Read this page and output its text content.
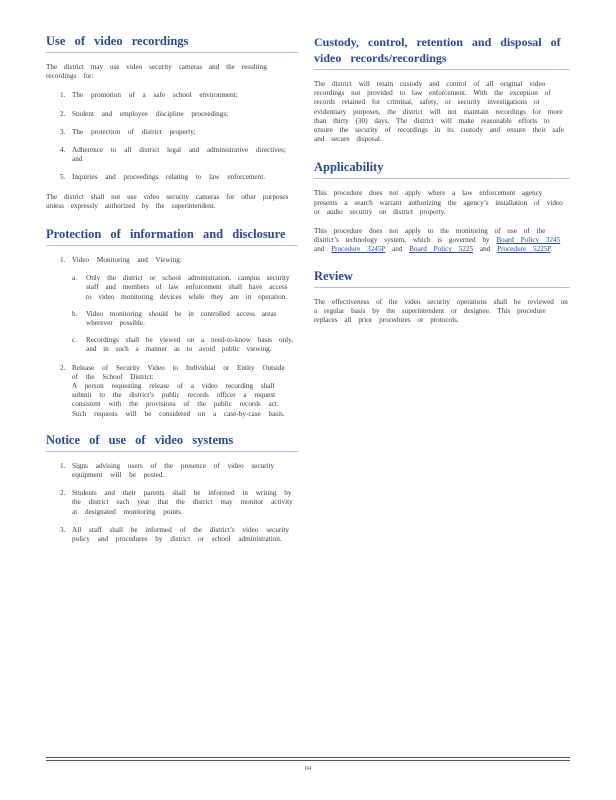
Use of video recordings

The district may use video security cameras and the resulting recordings for:

1. The promotion of a safe school environment;
2. Student and employee discipline proceedings;
3. The protection of district property;
4. Adherence to all district legal and administrative directives; and
5. Inquiries and proceedings relating to law enforcement.

The district shall not use video security cameras for other purposes unless expressly authorized by the superintendent.

Protection of information and disclosure
1. Video Monitoring and Viewing:
a. Only the district or school administration, campus security staff and members of law enforcement shall have access to video monitoring devices while they are in operation.
b. Video monitoring should be in controlled access areas wherever possible.
c. Recordings shall be viewed on a need-to-know basis only, and in such a manner as to avoid public viewing.
2. Release of Security Video to Individual or Entity Outside of the School District:
A person requesting release of a video recording shall submit to the district’s public records officer a request consistent with the provisions of the public records act. Such requests will be considered on a case-by-case basis.
Notice of use of video systems
1. Signs advising users of the presence of video security equipment will be posted.
2. Students and their parents shall be informed in writing by the district each year that the district may monitor activity at designated monitoring points.
3. All staff shall be informed of the district’s video security policy and procedures by district or school administration.
Custody, control, retention and disposal of video records/recordings

The district will retain custody and control of all original video recordings not provided to law enforcement. With the exception of records retained for criminal, safety, or security investigations or evidentiary purposes, the district will not maintain recordings for more than thirty (30) days. The district will make reasonable efforts to ensure the security of recordings in its custody and ensure their safe and secure disposal.

Applicability

This procedure does not apply where a law enforcement agency presents a search warrant authorizing the agency’s installation of video or audio security on district property.

This procedure does not apply to the monitoring of use of the district’s technology system, which is governed by Board Policy 3245 and Procedure 3245P and Board Policy 5225 and Procedure 5225P.

Review

The effectiveness of the video security operations shall be reviewed on a regular basis by the superintendent or designee. This procedure replaces all prior procedures or protocols.

04
